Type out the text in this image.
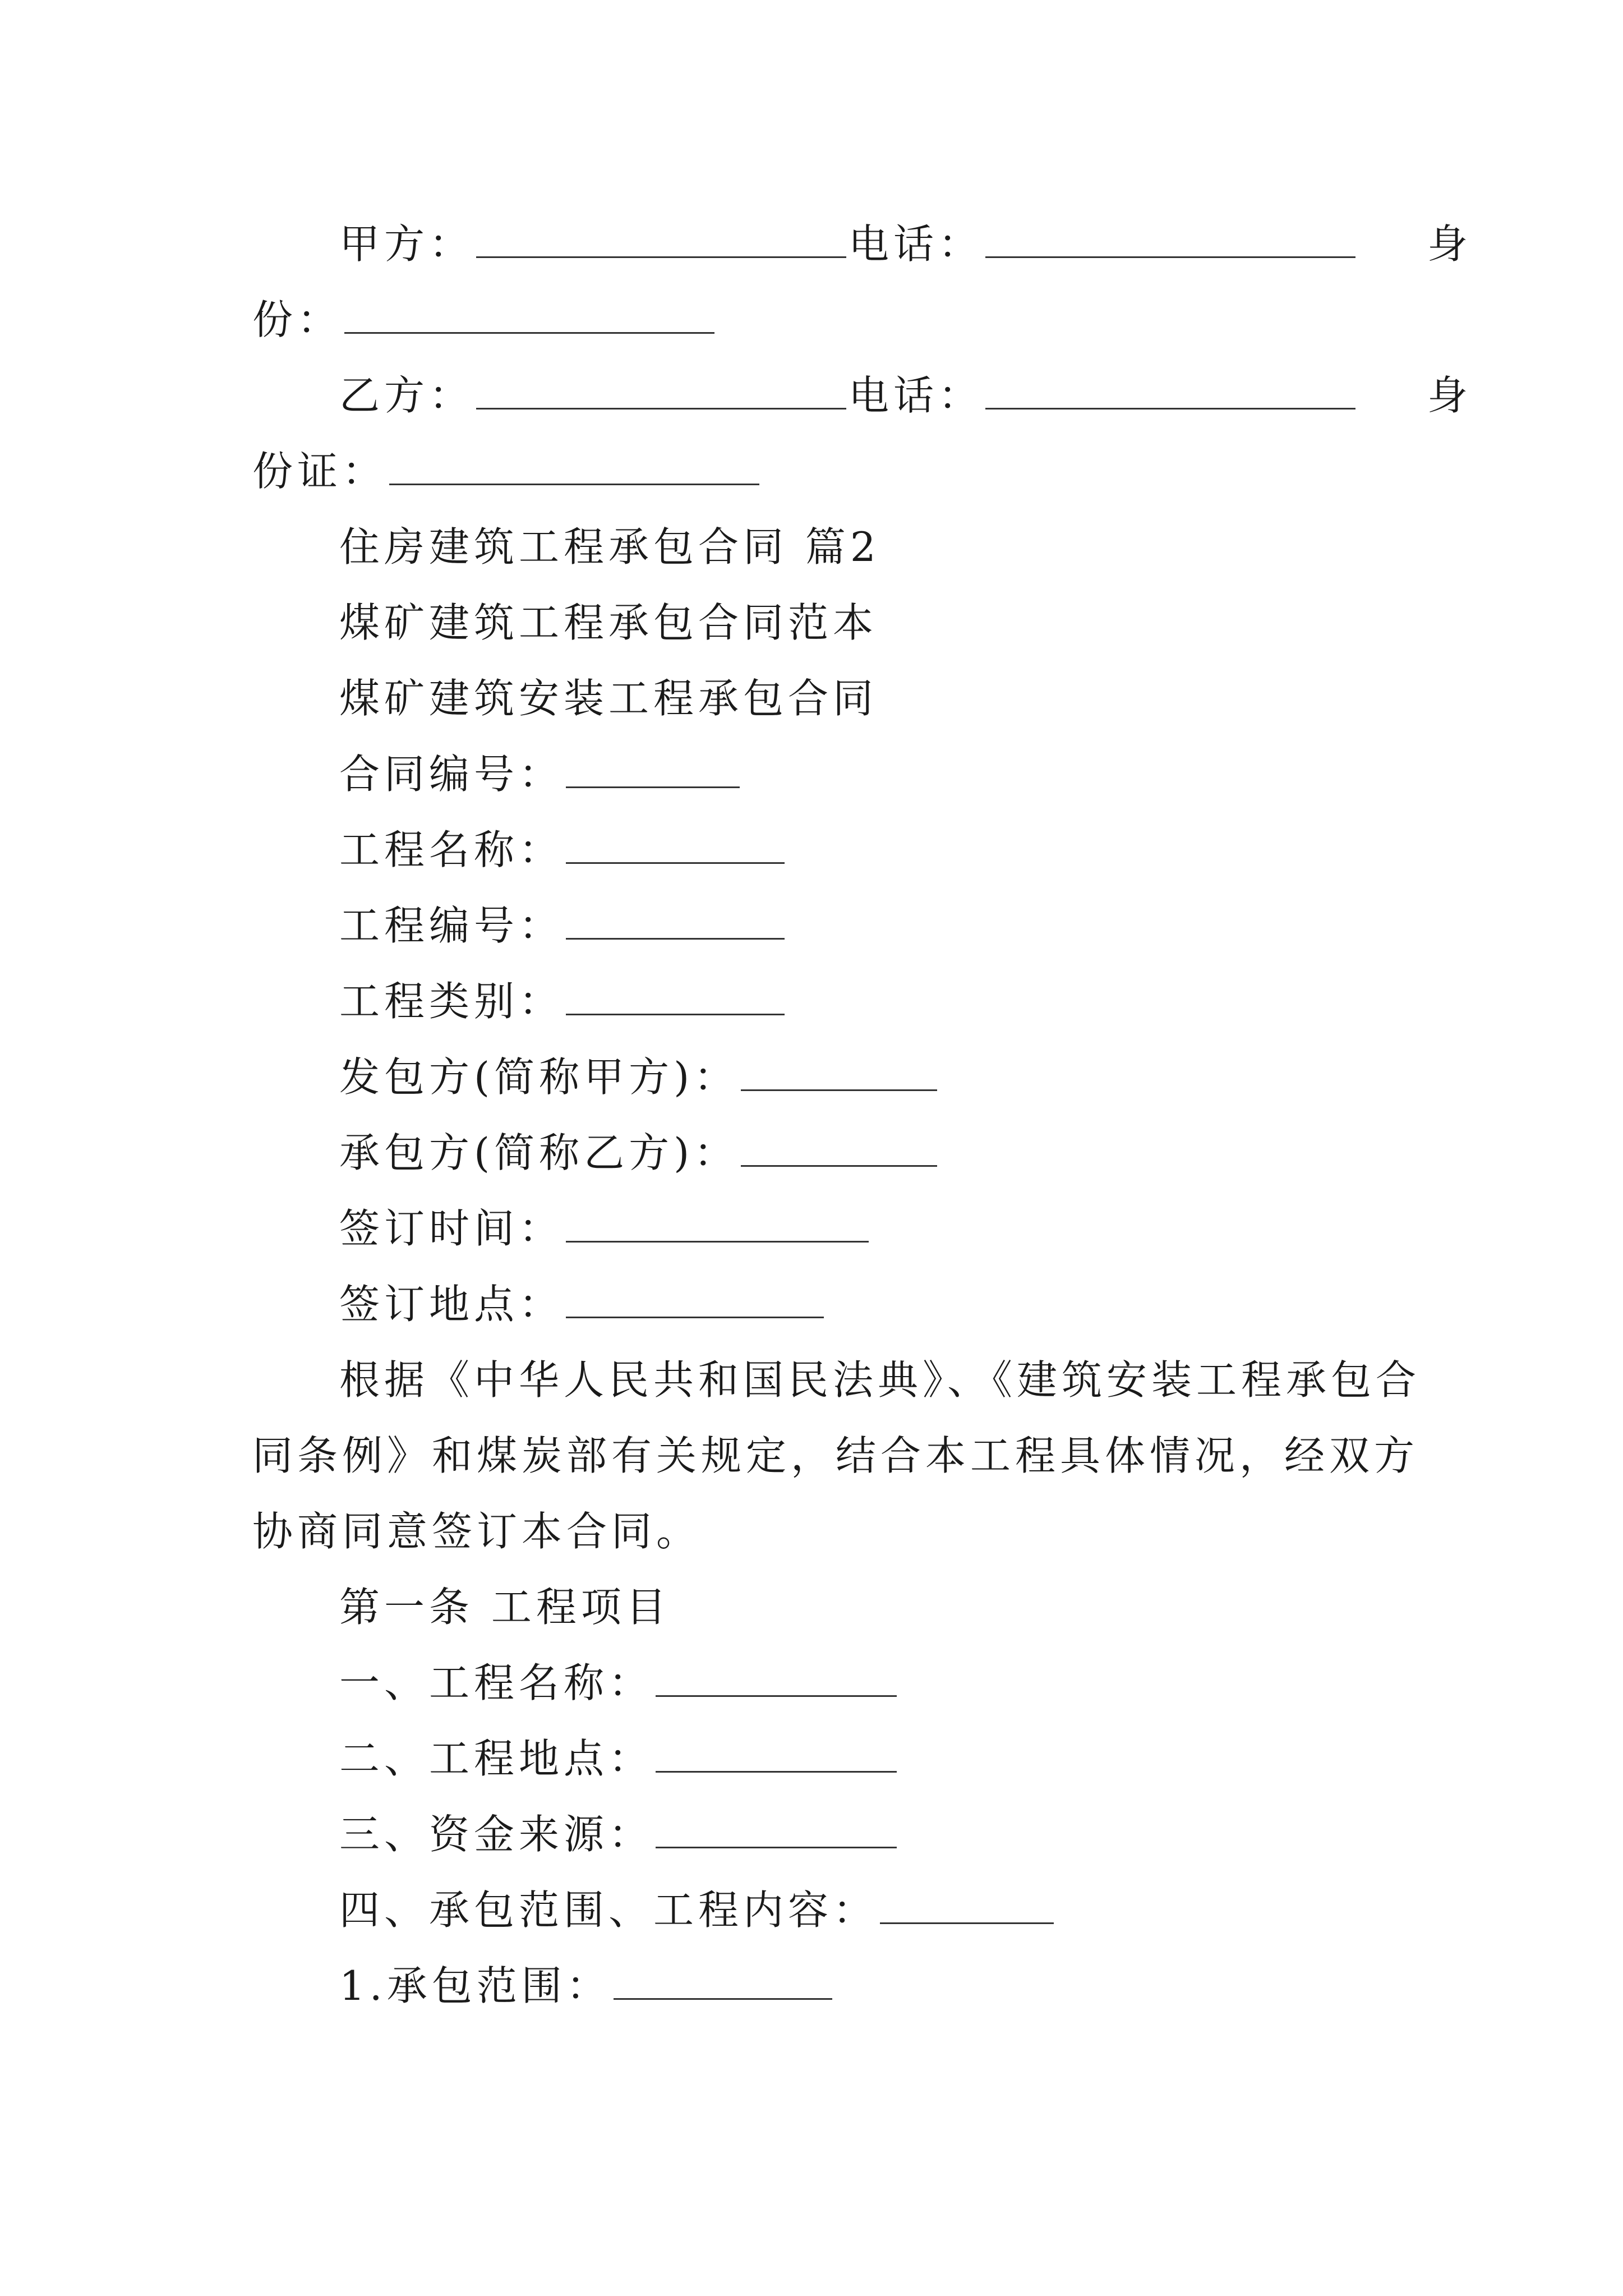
甲方：	电话：	身
份：
乙方：	电话：	身
份证：
住房建筑工程承包合同 篇2
煤矿建筑工程承包合同范本
煤矿建筑安装工程承包合同
合同编号：
工程名称：
工程编号：
工程类别：
发包方(简称甲方)：
承包方(简称乙方)：
签订时间：
签订地点：
根据《中华人民共和国民法典》、《建筑安装工程承包合
同条例》和煤炭部有关规定，结合本工程具体情况，经双方
协商同意签订本合同。
第一条 工程项目
一、工程名称：
二、工程地点：
三、资金来源：
四、承包范围、工程内容：
1.承包范围：
